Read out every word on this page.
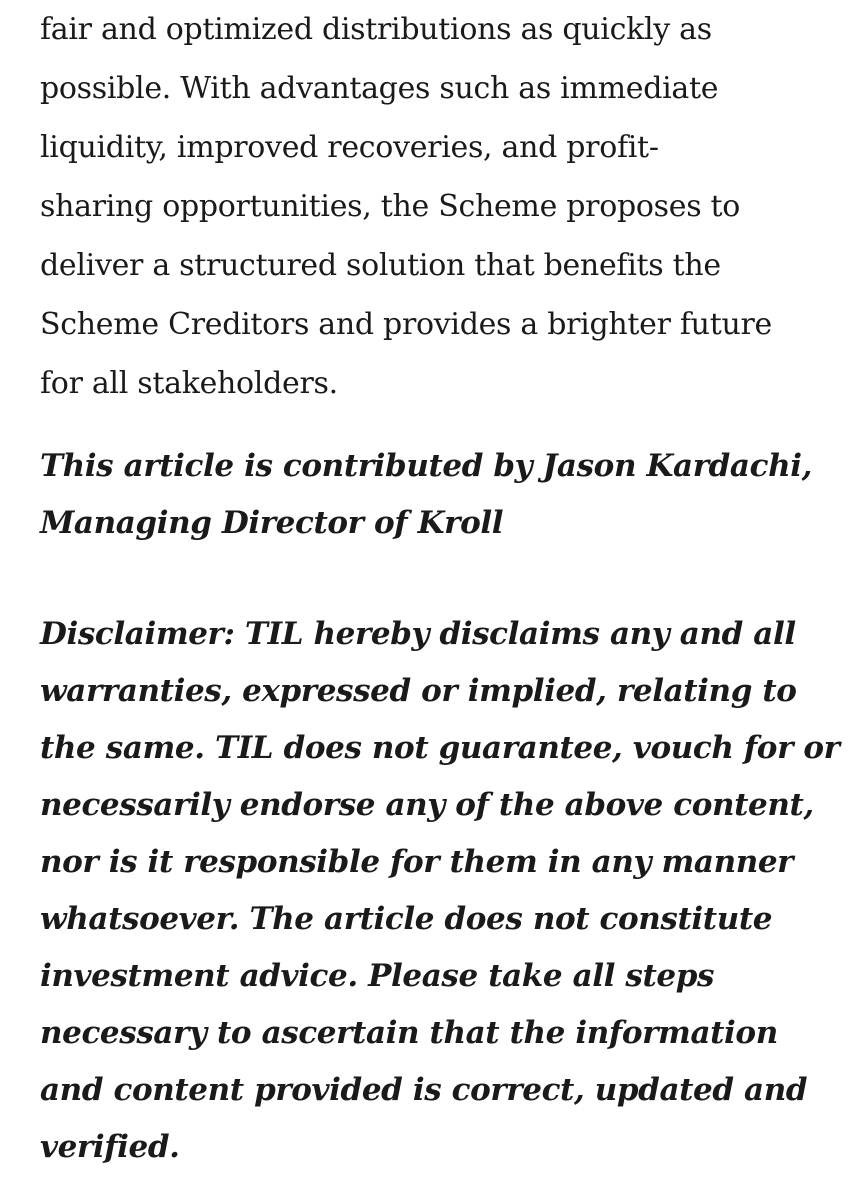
fair and optimized distributions as quickly as
possible. With advantages such as immediate
liquidity, improved recoveries, and profit-
sharing opportunities, the Scheme proposes to
deliver a structured solution that benefits the
Scheme Creditors and provides a brighter future
for all stakeholders.
This article is contributed by Jason Kardachi,
Managing Director of Kroll
Disclaimer: TIL hereby disclaims any and all
warranties, expressed or implied, relating to
the same. TIL does not guarantee, vouch for or
necessarily endorse any of the above content,
nor is it responsible for them in any manner
whatsoever. The article does not constitute
investment advice. Please take all steps
necessary to ascertain that the information
and content provided is correct, updated and
verified.
